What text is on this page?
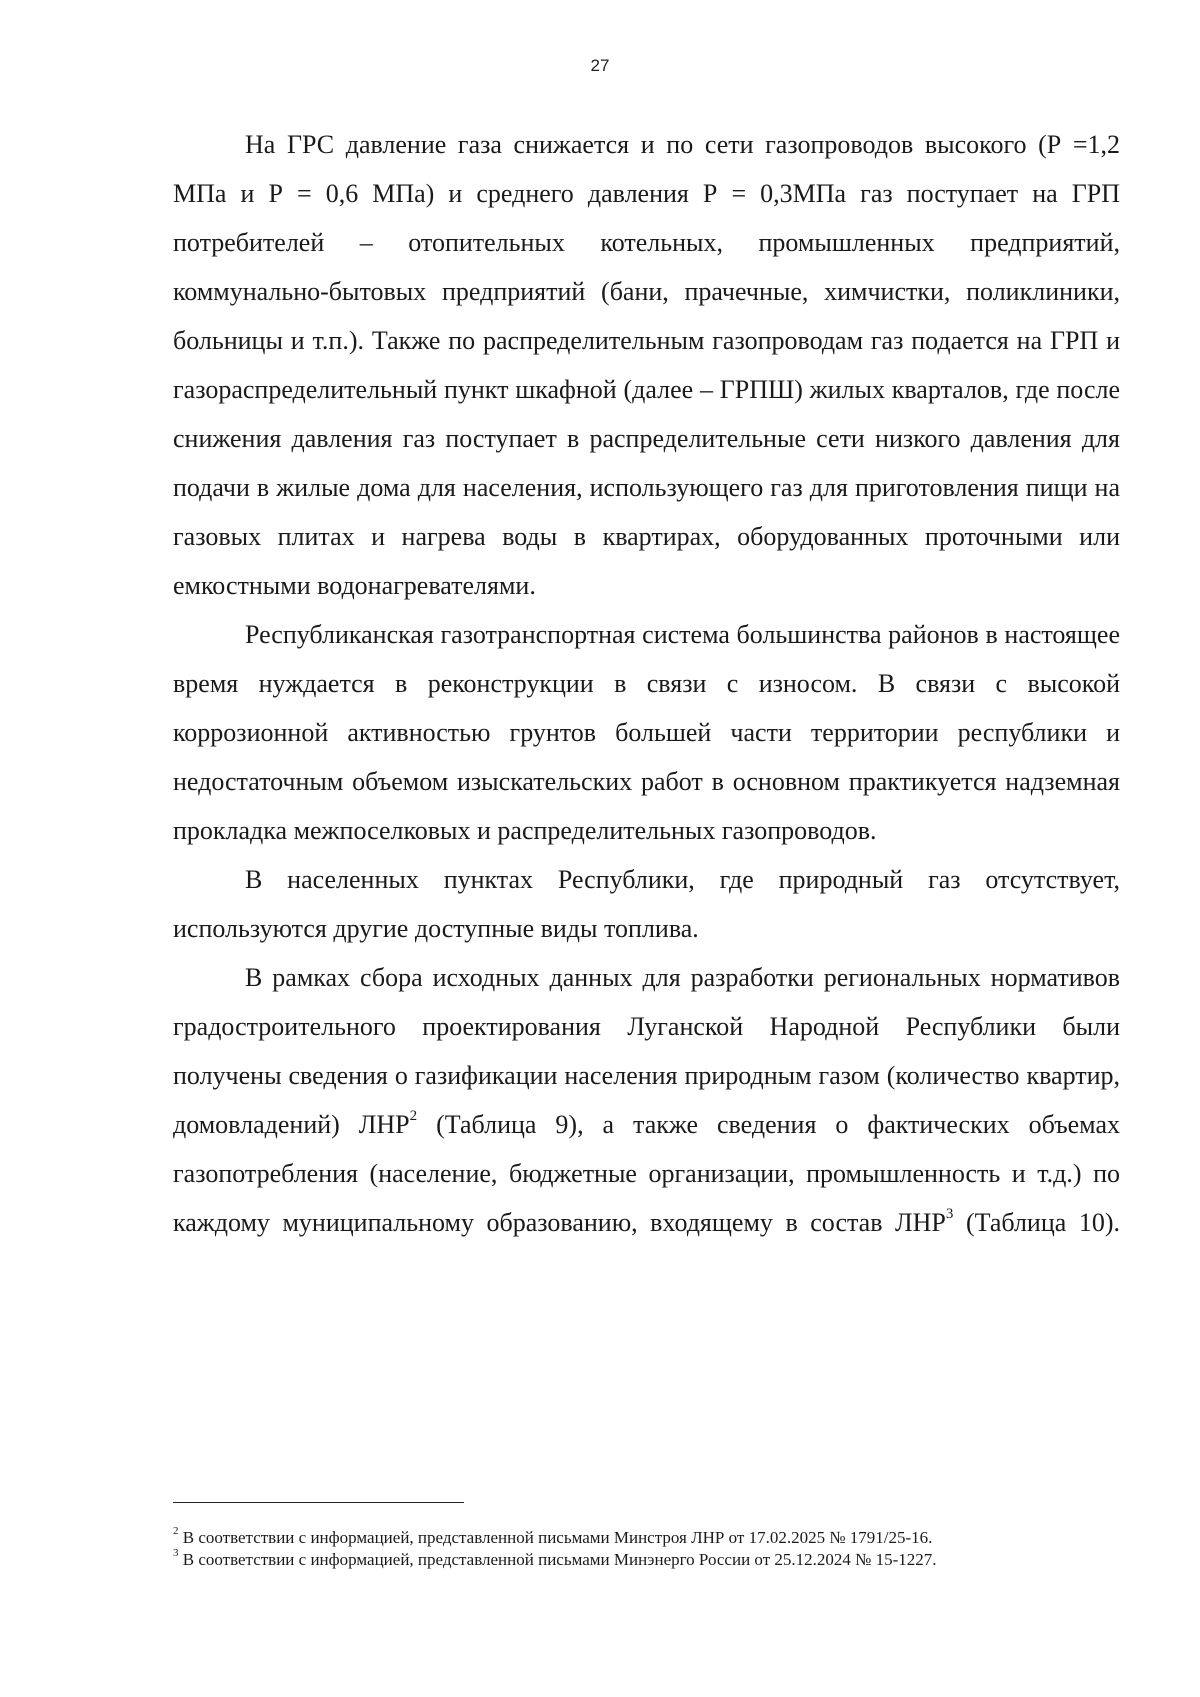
27

На ГРС давление газа снижается и по сети газопроводов высокого (Р =1,2 МПа и Р = 0,6 МПа) и среднего давления Р = 0,3МПа газ поступает на ГРП потребителей – отопительных котельных, промышленных предприятий, коммунально-бытовых предприятий (бани, прачечные, химчистки, поликлиники, больницы и т.п.). Также по распределительным газопроводам газ подается на ГРП и газораспределительный пункт шкафной (далее – ГРПШ) жилых кварталов, где после снижения давления газ поступает в распределительные сети низкого давления для подачи в жилые дома для населения, использующего газ для приготовления пищи на газовых плитах и нагрева воды в квартирах, оборудованных проточными или емкостными водонагревателями.

Республиканская газотранспортная система большинства районов в настоящее время нуждается в реконструкции в связи с износом. В связи с высокой коррозионной активностью грунтов большей части территории республики и недостаточным объемом изыскательских работ в основном практикуется надземная прокладка межпоселковых и распределительных газопроводов.

В населенных пунктах Республики, где природный газ отсутствует, используются другие доступные виды топлива.

В рамках сбора исходных данных для разработки региональных нормативов градостроительного проектирования Луганской Народной Республики были получены сведения о газификации населения природным газом (количество квартир, домовладений) ЛНР$^2$ (Таблица 9), а также сведения о фактических объемах газопотребления (население, бюджетные организации, промышленность и т.д.) по каждому муниципальному образованию, входящему в состав ЛНР$^3$ (Таблица 10).

$^2$ В соответствии с информацией, представленной письмами Минстроя ЛНР от 17.02.2025 № 1791/25-16.

$^3$ В соответствии с информацией, представленной письмами Минэнерго России от 25.12.2024 № 15-1227.
